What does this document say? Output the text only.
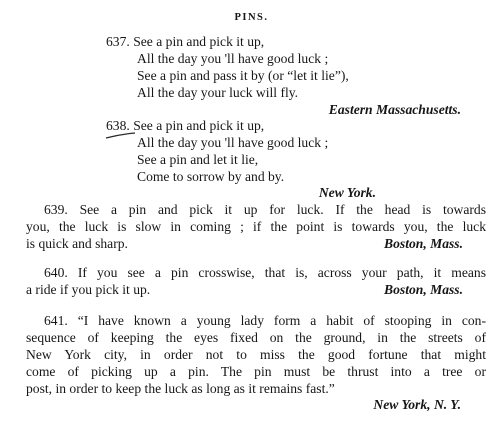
PINS.
637. See a pin and pick it up,
All the day you 'll have good luck ;
See a pin and pass it by (or “let it lie”),
All the day your luck will fly.
Eastern Massachusetts.
638. See a pin and pick it up,
All the day you 'll have good luck ;
See a pin and let it lie,
Come to sorrow by and by.
New York.
639. See a pin and pick it up for luck. If the head is towards
you, the luck is slow in coming ; if the point is towards you, the luck
is quick and sharp.	Boston, Mass.
640. If you see a pin crosswise, that is, across your path, it means
a ride if you pick it up.	Boston, Mass.
641. “I have known a young lady form a habit of stooping in con-
sequence of keeping the eyes fixed on the ground, in the streets of
New York city, in order not to miss the good fortune that might
come of picking up a pin. The pin must be thrust into a tree or
post, in order to keep the luck as long as it remains fast.”
New York, N. Y.
